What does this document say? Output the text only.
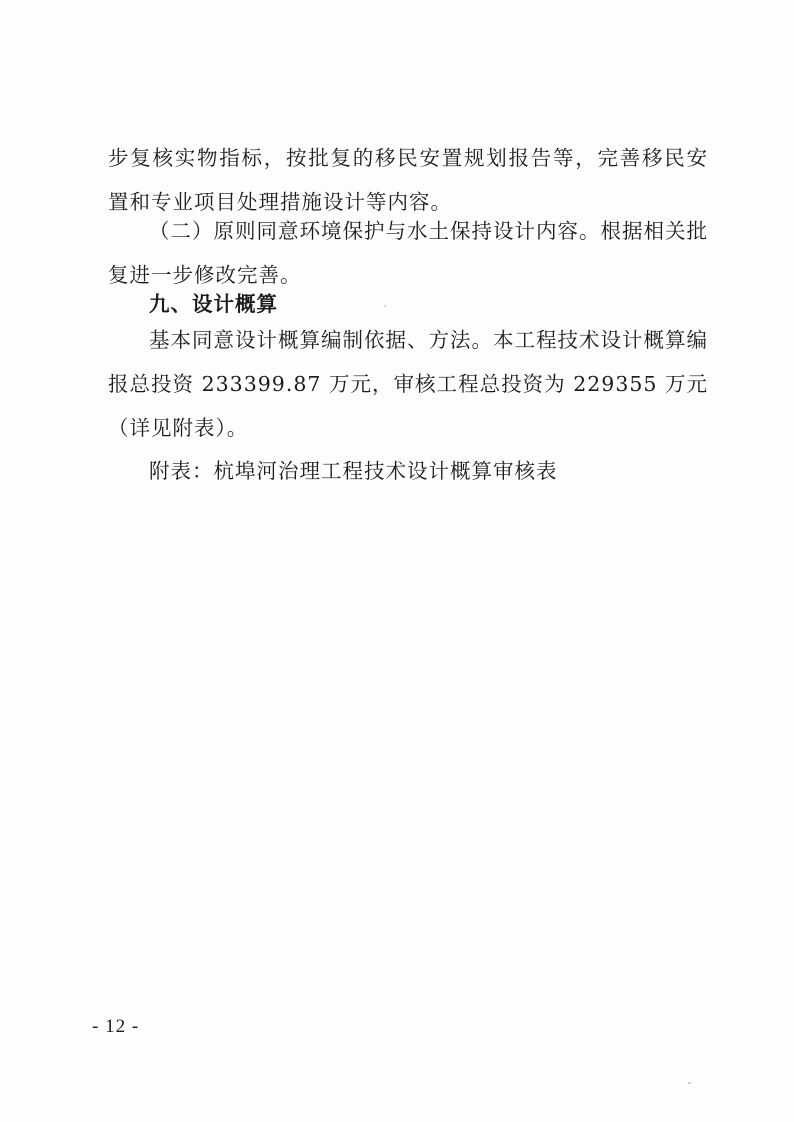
步复核实物指标，按批复的移民安置规划报告等，完善移民安置和专业项目处理措施设计等内容。

（二）原则同意环境保护与水土保持设计内容。根据相关批复进一步修改完善。

九、设计概算

基本同意设计概算编制依据、方法。本工程技术设计概算编报总投资 233399.87 万元，审核工程总投资为 229355 万元（详见附表）。

附表：杭埠河治理工程技术设计概算审核表

- 12 -
